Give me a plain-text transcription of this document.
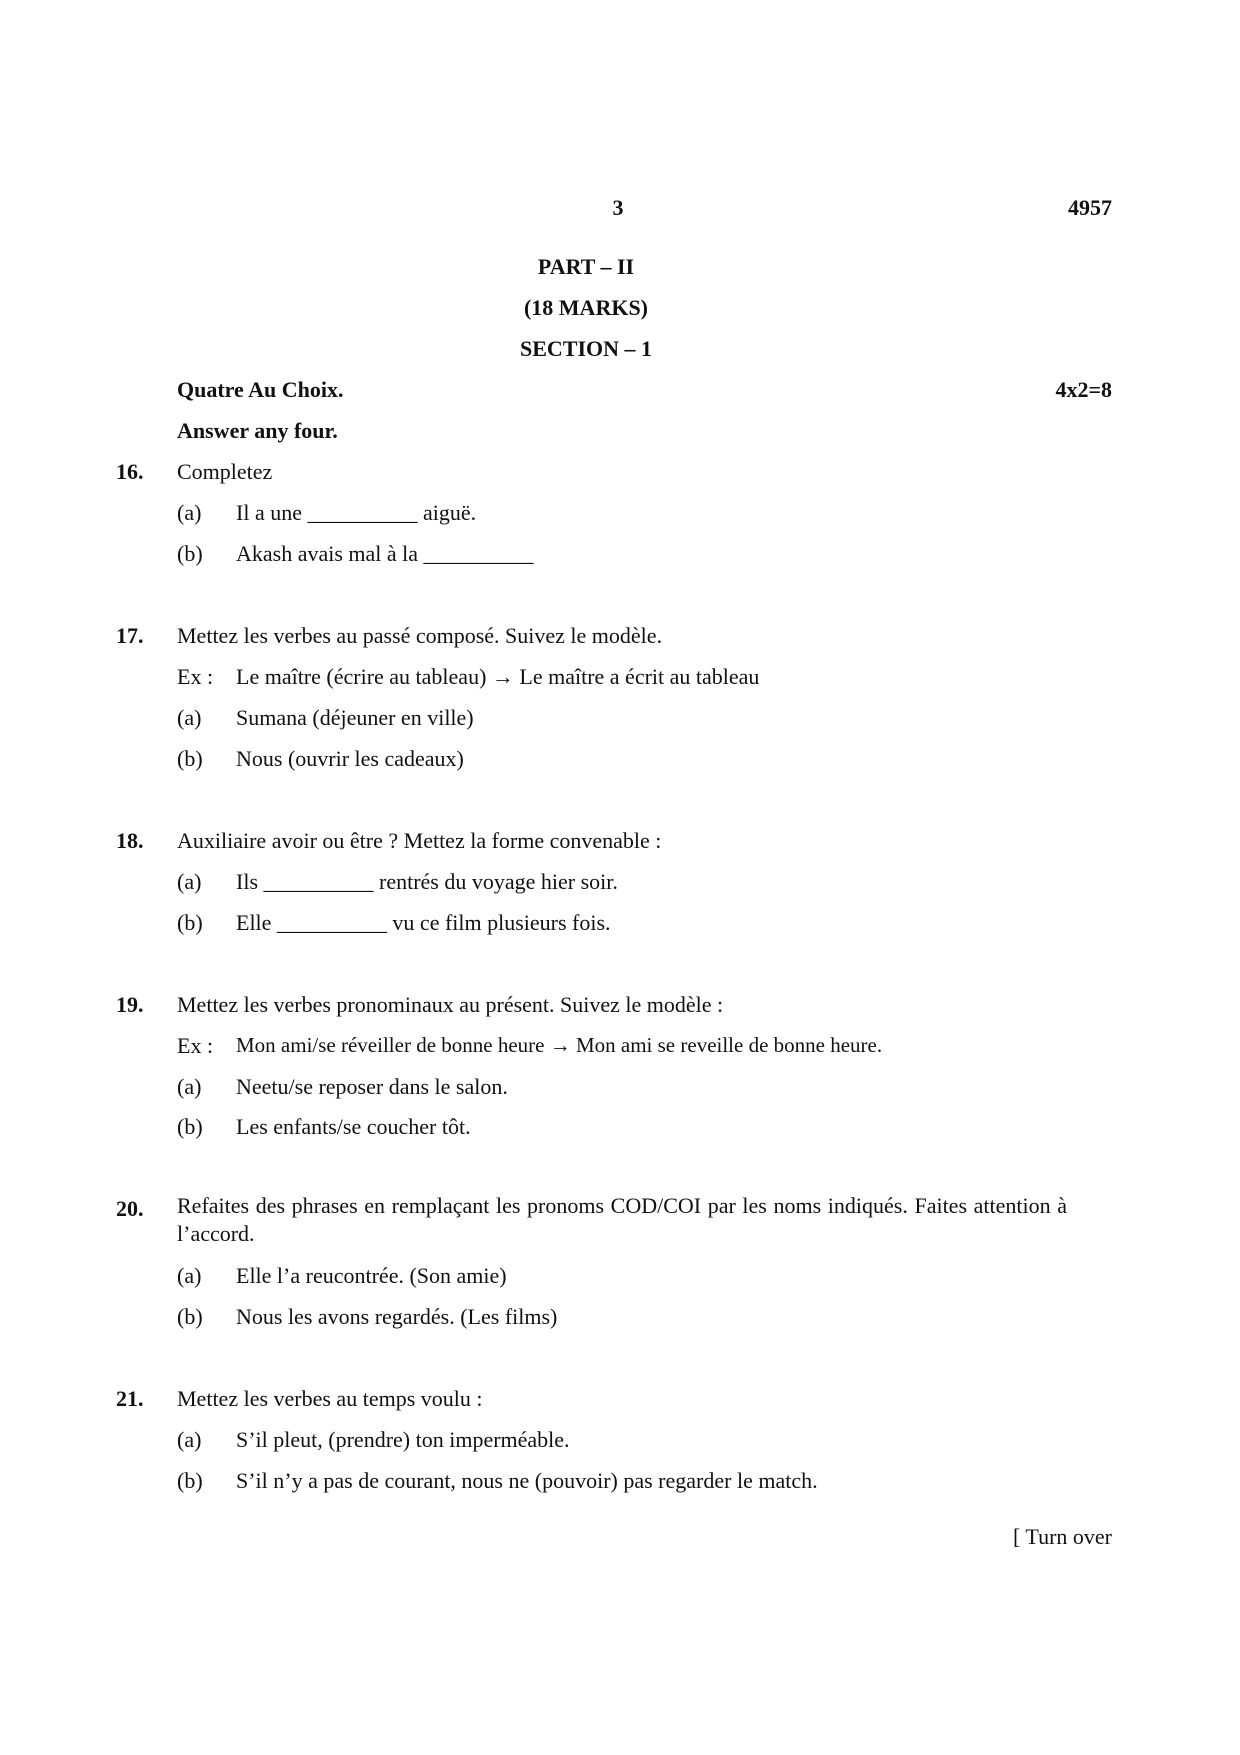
3	4957
PART – II
(18 MARKS)
SECTION – 1
Quatre Au Choix.	4x2=8
Answer any four.
16. Completez
(a) Il a une __________ aiguë.
(b) Akash avais mal à la __________
17. Mettez les verbes au passé composé. Suivez le modèle.
Ex : Le maître (écrire au tableau) → Le maître a écrit au tableau
(a) Sumana (déjeuner en ville)
(b) Nous (ouvrir les cadeaux)
18. Auxiliaire avoir ou être ? Mettez la forme convenable :
(a) Ils __________ rentrés du voyage hier soir.
(b) Elle __________ vu ce film plusieurs fois.
19. Mettez les verbes pronominaux au présent. Suivez le modèle :
Ex : Mon ami/se réveiller de bonne heure → Mon ami se reveille de bonne heure.
(a) Neetu/se reposer dans le salon.
(b) Les enfants/se coucher tôt.
20. Refaites des phrases en remplaçant les pronoms COD/COI par les noms indiqués. Faites attention à l’accord.
(a) Elle l’a reucontrée. (Son amie)
(b) Nous les avons regardés. (Les films)
21. Mettez les verbes au temps voulu :
(a) S’il pleut, (prendre) ton imperméable.
(b) S’il n’y a pas de courant, nous ne (pouvoir) pas regarder le match.
[ Turn over
